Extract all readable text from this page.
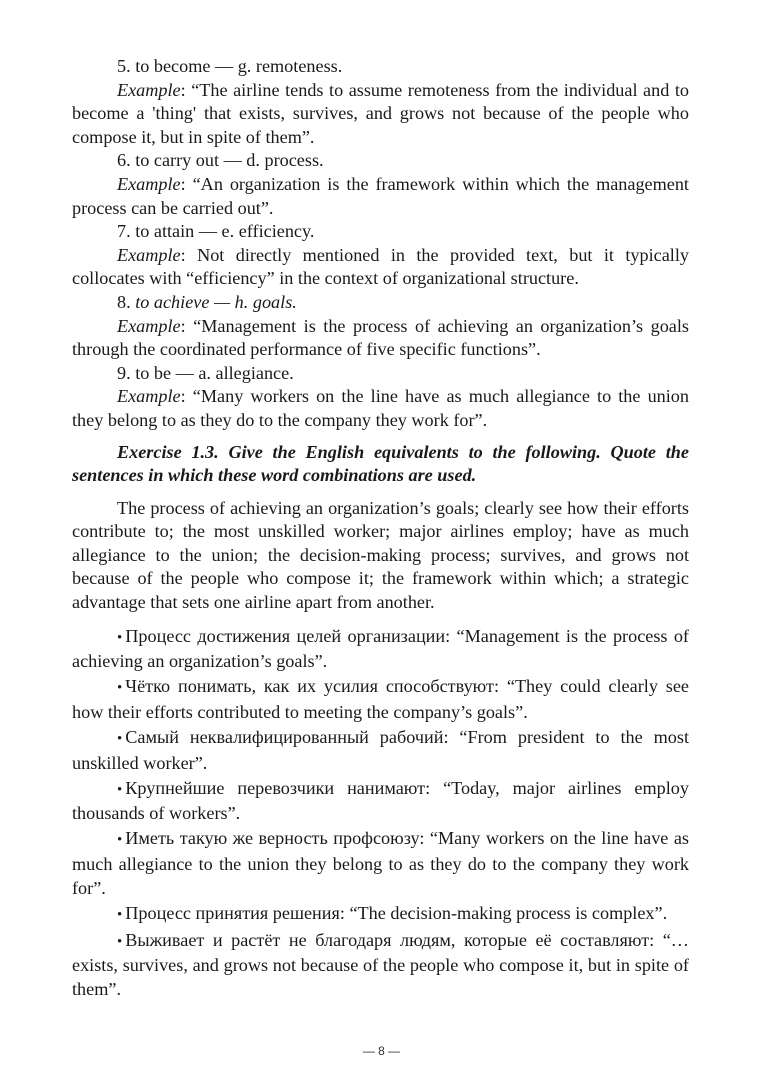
5. to become — g. remoteness.

Example: “The airline tends to assume remoteness from the individual and to become a 'thing' that exists, survives, and grows not because of the people who compose it, but in spite of them”.

6. to carry out — d. process.

Example: “An organization is the framework within which the management process can be carried out”.

7. to attain — e. efficiency.

Example: Not directly mentioned in the provided text, but it typically collocates with “efficiency” in the context of organizational structure.

8. to achieve — h. goals.

Example: “Management is the process of achieving an organization’s goals through the coordinated performance of five specific functions”.

9. to be — a. allegiance.

Example: “Many workers on the line have as much allegiance to the union they belong to as they do to the company they work for”.

Exercise 1.3. Give the English equivalents to the following. Quote the sentences in which these word combinations are used.

The process of achieving an organization’s goals; clearly see how their efforts contribute to; the most unskilled worker; major airlines employ; have as much allegiance to the union; the decision-making process; survives, and grows not because of the people who compose it; the framework within which; a strategic advantage that sets one airline apart from another.

• Процесс достижения целей организации: “Management is the process of achieving an organization’s goals”.

• Чётко понимать, как их усилия способствуют: “They could clearly see how their efforts contributed to meeting the company’s goals”.

• Самый неквалифицированный рабочий: “From president to the most unskilled worker”.

• Крупнейшие перевозчики нанимают: “Today, major airlines employ thousands of workers”.

• Иметь такую же верность профсоюзу: “Many workers on the line have as much allegiance to the union they belong to as they do to the company they work for”.

• Процесс принятия решения: “The decision-making process is complex”.

• Выживает и растёт не благодаря людям, которые её составляют: “…exists, survives, and grows not because of the people who compose it, but in spite of them”.

— 8 —
